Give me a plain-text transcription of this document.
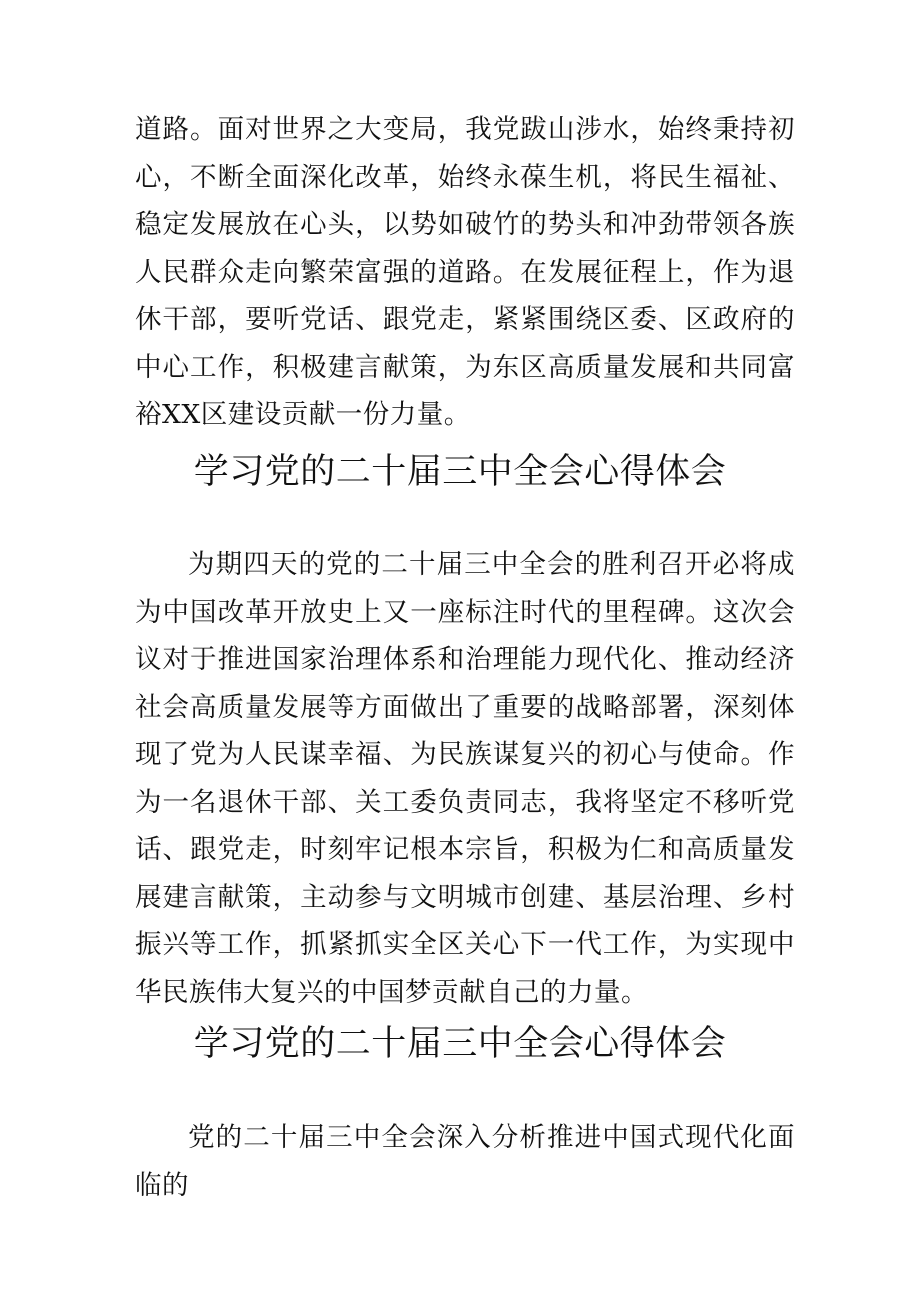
道路。面对世界之大变局，我党跋山涉水，始终秉持初心，不断全面深化改革，始终永葆生机，将民生福祉、稳定发展放在心头，以势如破竹的势头和冲劲带领各族人民群众走向繁荣富强的道路。在发展征程上，作为退休干部，要听党话、跟党走，紧紧围绕区委、区政府的中心工作，积极建言献策，为东区高质量发展和共同富裕XX区建设贡献一份力量。

学习党的二十届三中全会心得体会

为期四天的党的二十届三中全会的胜利召开必将成为中国改革开放史上又一座标注时代的里程碑。这次会议对于推进国家治理体系和治理能力现代化、推动经济社会高质量发展等方面做出了重要的战略部署，深刻体现了党为人民谋幸福、为民族谋复兴的初心与使命。作为一名退休干部、关工委负责同志，我将坚定不移听党话、跟党走，时刻牢记根本宗旨，积极为仁和高质量发展建言献策，主动参与文明城市创建、基层治理、乡村振兴等工作，抓紧抓实全区关心下一代工作，为实现中华民族伟大复兴的中国梦贡献自己的力量。

学习党的二十届三中全会心得体会

党的二十届三中全会深入分析推进中国式现代化面临的
